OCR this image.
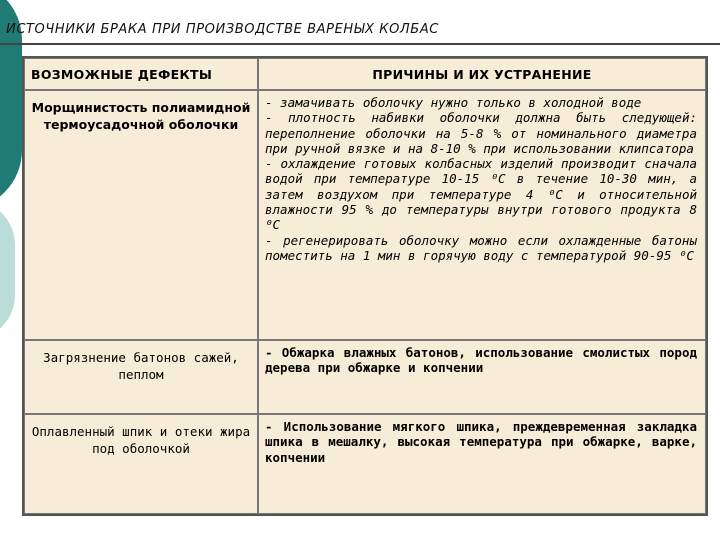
ИСТОЧНИКИ БРАКА ПРИ ПРОИЗВОДСТВЕ ВАРЕНЫХ КОЛБАС
ВОЗМОЖНЫЕ ДЕФЕКТЫ	ПРИЧИНЫ И ИХ УСТРАНЕНИЕ
Морщинистость полиамидной термоусадочной оболочки	- замачивать оболочку нужно только в холодной воде
- плотность набивки оболочки должна быть следующей: переполнение оболочки на 5-8 % от номинального диаметра при ручной вязке и на 8-10 % при использовании клипсатора
- охлаждение готовых колбасных изделий производит сначала водой при температуре 10-15 ⁰С в течение 10-30 мин, а затем воздухом при температуре 4 ⁰С и относительной влажности 95 % до температуры внутри готового продукта 8 ⁰С
- регенерировать оболочку можно если охлажденные батоны поместить на 1 мин в горячую воду с температурой 90-95 ⁰С

Загрязнение батонов сажей, пеплом	- Обжарка влажных батонов, использование смолистых пород дерева при обжарке и копчении

Оплавленный шпик и отеки жира под оболочкой	- Использование мягкого шпика, преждевременная закладка шпика в мешалку, высокая температура при обжарке, варке, копчении
